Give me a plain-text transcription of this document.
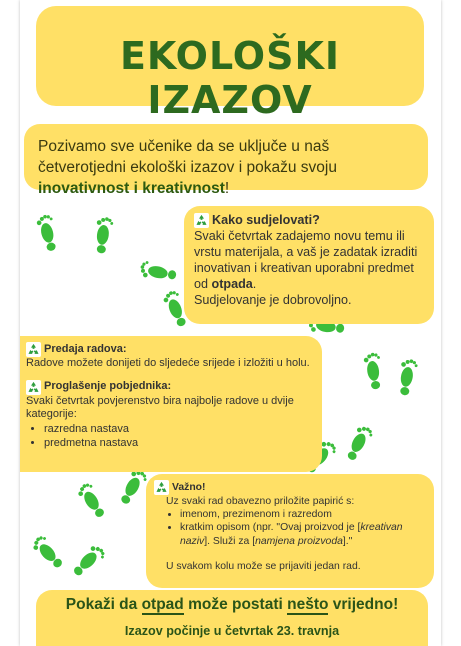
EKOLOŠKI IZAZOV
Pozivamo sve učenike da se uključe u naš četverotjedni ekološki izazov i pokažu svoju inovativnost i kreativnost!
Kako sudjelovati?
Svaki četvrtak zadajemo novu temu ili vrstu materijala, a vaš je zadatak izraditi inovativan i kreativan uporabni predmet od otpada.
Sudjelovanje je dobrovoljno.
Predaja radova:
Radove možete donijeti do sljedeće srijede i izložiti u holu.
Proglašenje pobjednika:
Svaki četvrtak povjerenstvo bira najbolje radove u dvije kategorije:
• razredna nastava
• predmetna nastava
Važno!
Uz svaki rad obavezno priložite papirić s:
• imenom, prezimenom i razredom
• kratkim opisom (npr. "Ovaj proizvod je [kreativan naziv]. Služi za [namjena proizvoda]."
U svakom kolu može se prijaviti jedan rad.
Pokaži da otpad može postati nešto vrijedno!
Izazov počinje u četvrtak 23. travnja
